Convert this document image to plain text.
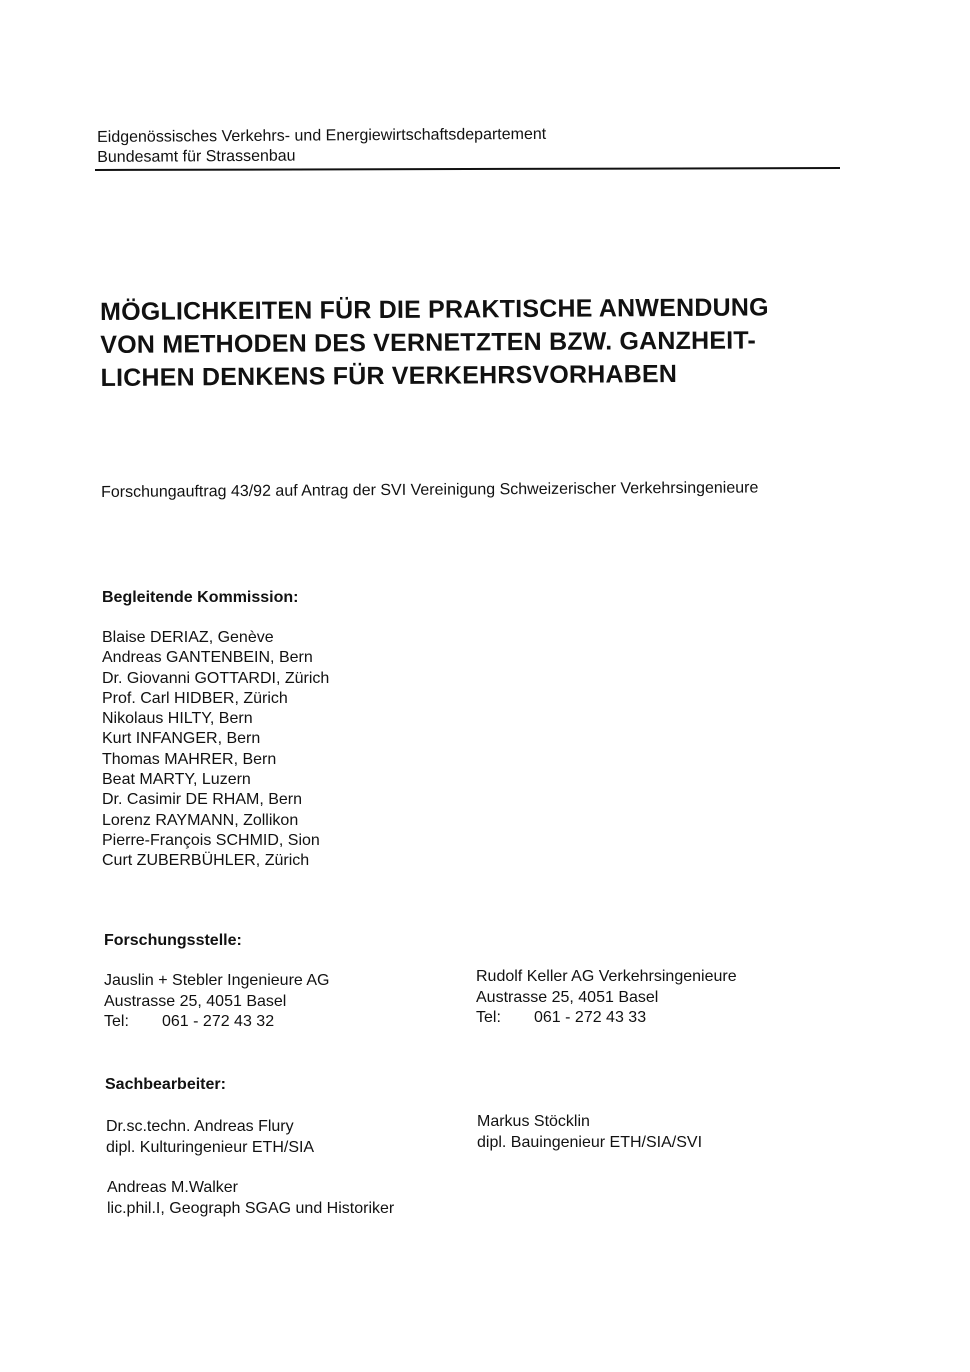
Eidgenössisches Verkehrs- und Energiewirtschaftsdepartement
Bundesamt für Strassenbau
MÖGLICHKEITEN FÜR DIE PRAKTISCHE ANWENDUNG
VON METHODEN DES VERNETZTEN BZW. GANZHEIT-
LICHEN DENKENS FÜR VERKEHRSVORHABEN
Forschungauftrag 43/92 auf Antrag der SVI Vereinigung Schweizerischer Verkehrsingenieure
Begleitende Kommission:
Blaise DERIAZ, Genève
Andreas GANTENBEIN, Bern
Dr. Giovanni GOTTARDI, Zürich
Prof. Carl HIDBER, Zürich
Nikolaus HILTY, Bern
Kurt INFANGER, Bern
Thomas MAHRER, Bern
Beat MARTY, Luzern
Dr. Casimir DE RHAM, Bern
Lorenz RAYMANN, Zollikon
Pierre-François SCHMID, Sion
Curt ZUBERBÜHLER, Zürich
Forschungsstelle:
Jauslin + Stebler Ingenieure AG
Austrasse 25, 4051 Basel
Tel: 061 - 272 43 32
Rudolf Keller AG Verkehrsingenieure
Austrasse 25, 4051 Basel
Tel: 061 - 272 43 33
Sachbearbeiter:
Dr.sc.techn. Andreas Flury
dipl. Kulturingenieur ETH/SIA
Andreas M.Walker
lic.phil.I, Geograph SGAG und Historiker
Markus Stöcklin
dipl. Bauingenieur ETH/SIA/SVI
